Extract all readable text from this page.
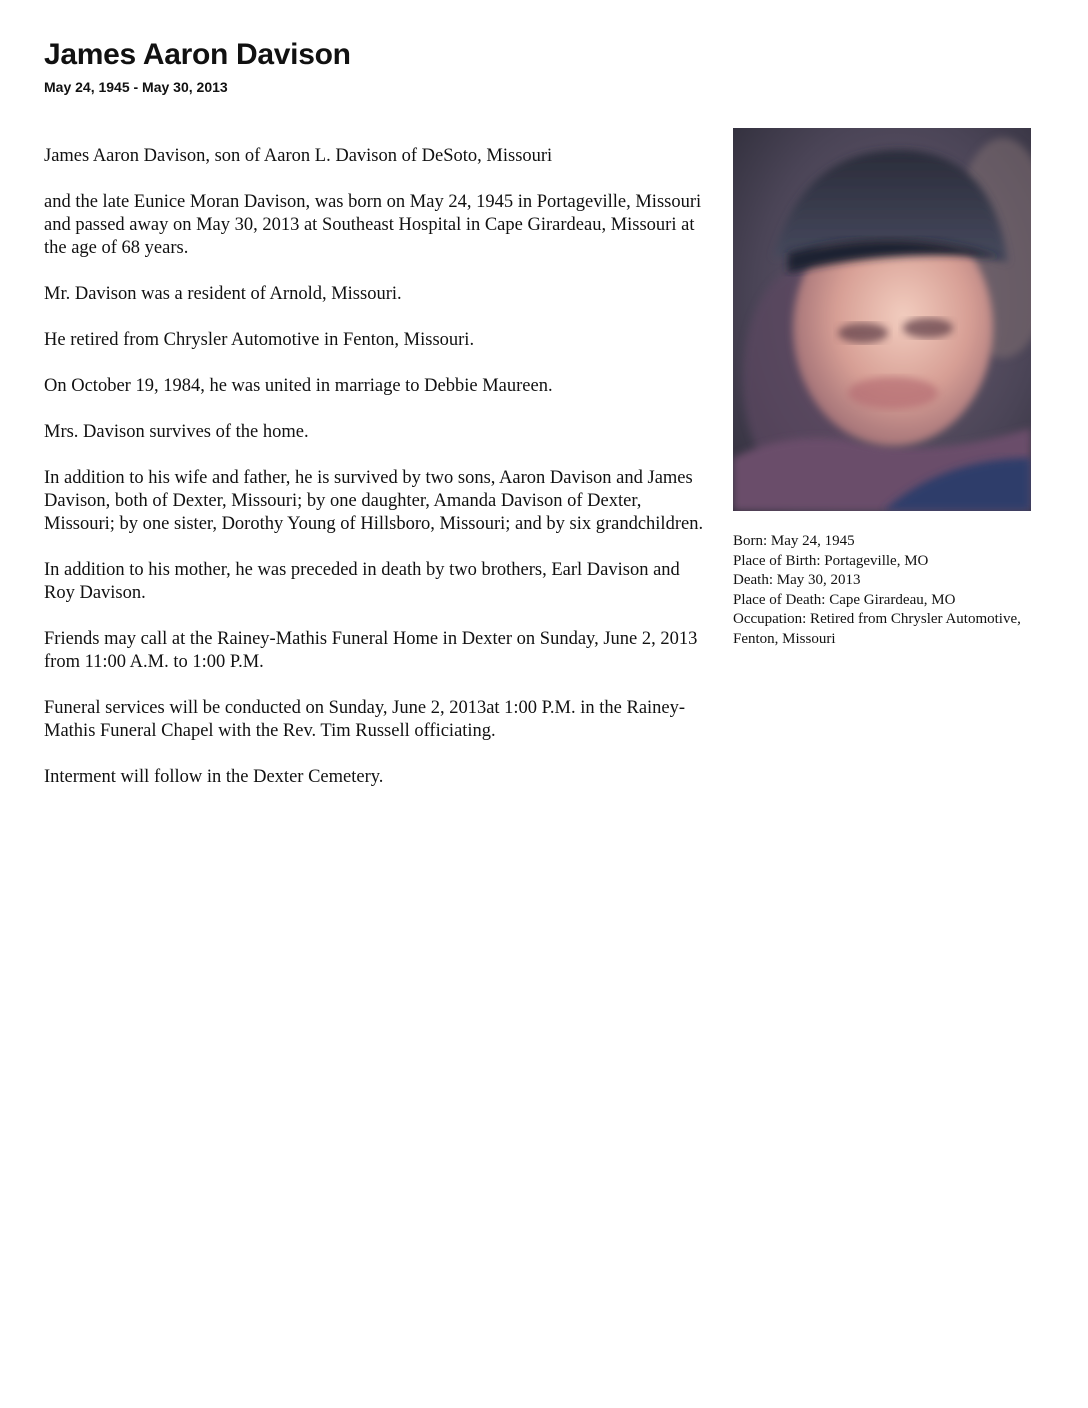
James Aaron Davison
May 24, 1945 - May 30, 2013

James Aaron Davison, son of Aaron L. Davison of DeSoto, Missouri

and the late Eunice Moran Davison, was born on May 24, 1945 in Portageville, Missouri and passed away on May 30, 2013 at Southeast Hospital in Cape Girardeau, Missouri at the age of 68 years.

Mr. Davison was a resident of Arnold, Missouri.

He retired from Chrysler Automotive in Fenton, Missouri.

On October 19, 1984, he was united in marriage to Debbie Maureen.

Mrs. Davison survives of the home.

In addition to his wife and father, he is survived by two sons, Aaron Davison and James Davison, both of Dexter, Missouri; by one daughter, Amanda Davison of Dexter, Missouri; by one sister, Dorothy Young of Hillsboro, Missouri; and by six grandchildren.

In addition to his mother, he was preceded in death by two brothers, Earl Davison and Roy Davison.

Friends may call at the Rainey-Mathis Funeral Home in Dexter on Sunday, June 2, 2013 from 11:00 A.M. to 1:00 P.M.

Funeral services will be conducted on Sunday, June 2, 2013at 1:00 P.M. in the Rainey-Mathis Funeral Chapel with the Rev. Tim Russell officiating.

Interment will follow in the Dexter Cemetery.

Born: May 24, 1945
Place of Birth: Portageville, MO
Death: May 30, 2013
Place of Death: Cape Girardeau, MO
Occupation: Retired from Chrysler Automotive, Fenton, Missouri
